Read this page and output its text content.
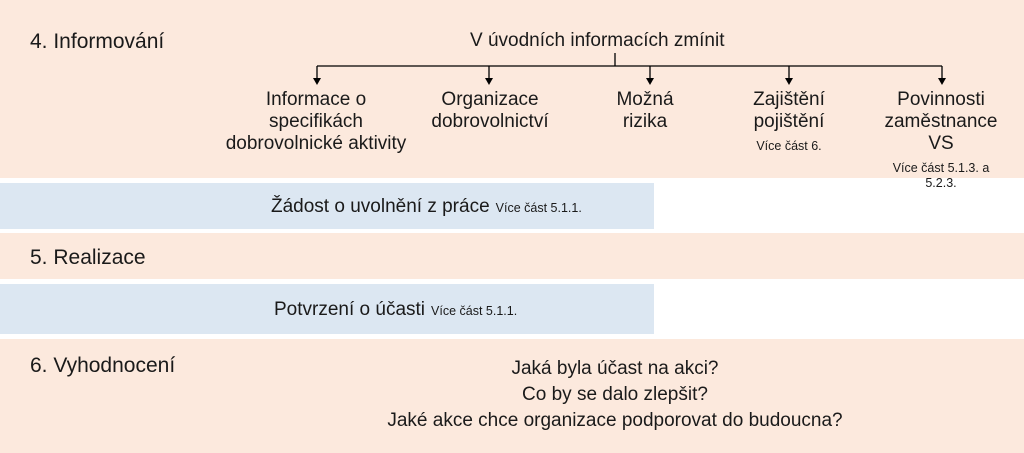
4. Informování	V úvodních informacích zmínit
Informace o
specifikách
dobrovolnické aktivity
Organizace
dobrovolnictví
Možná
rizika
Zajištění
pojištění
Více část 6.
Povinnosti
zaměstnance VS
Více část 5.1.3. a 5.2.3.
Žádost o uvolnění z práce Více část 5.1.1.
5. Realizace
Potvrzení o účasti Více část 5.1.1.
6. Vyhodnocení	Jaká byla účast na akci?
Co by se dalo zlepšit?
Jaké akce chce organizace podporovat do budoucna?
